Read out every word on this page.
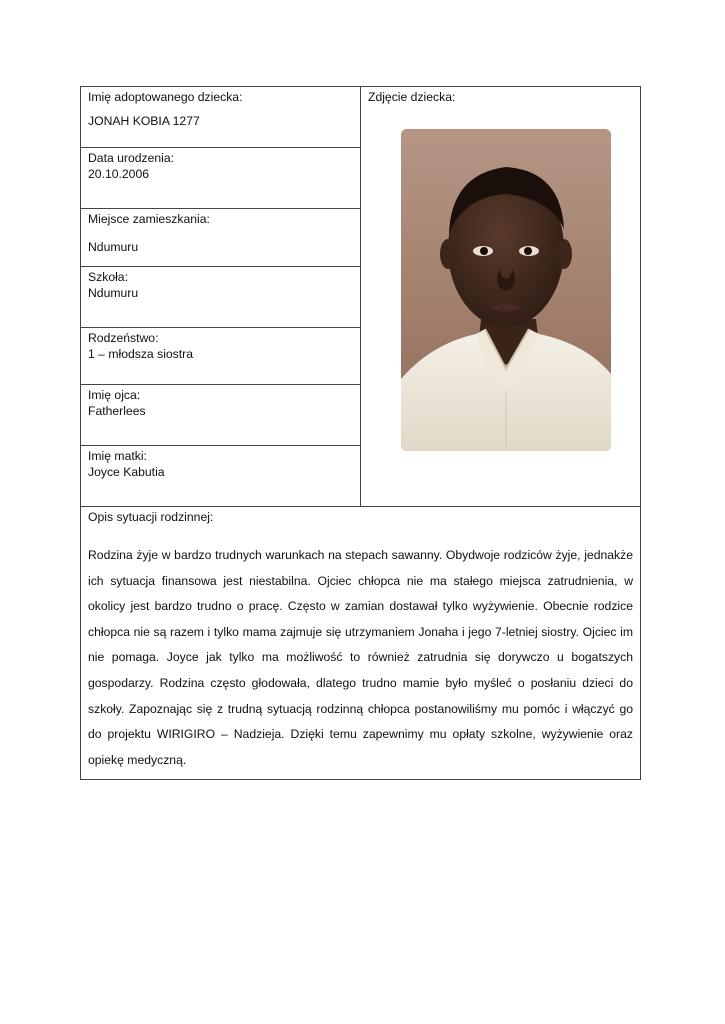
Imię adoptowanego dziecka:
JONAH KOBIA 1277
Data urodzenia:
20.10.2006
Miejsce zamieszkania:
Ndumuru
Szkoła:
Ndumuru
Rodzeństwo:
1 – młodsza siostra
Imię ojca:
Fatherlees
Imię matki:
Joyce Kabutia
Zdjęcie dziecka:
Opis sytuacji rodzinnej:
Rodzina żyje w bardzo trudnych warunkach na stepach sawanny. Obydwoje rodziców żyje, jednakże ich sytuacja finansowa jest niestabilna. Ojciec chłopca nie ma stałego miejsca zatrudnienia, w okolicy jest bardzo trudno o pracę. Często w zamian dostawał tylko wyżywienie. Obecnie rodzice chłopca nie są razem i tylko mama zajmuje się utrzymaniem Jonaha i jego 7-letniej siostry. Ojciec im nie pomaga. Joyce jak tylko ma możliwość to również zatrudnia się dorywczo u bogatszych gospodarzy. Rodzina często głodowała, dlatego trudno mamie było myśleć o posłaniu dzieci do szkoły. Zapoznając się z trudną sytuacją rodzinną chłopca postanowiliśmy mu pomóc i włączyć go do projektu WIRIGIRO – Nadzieja. Dzięki temu zapewnimy mu opłaty szkolne, wyżywienie oraz opiekę medyczną.
